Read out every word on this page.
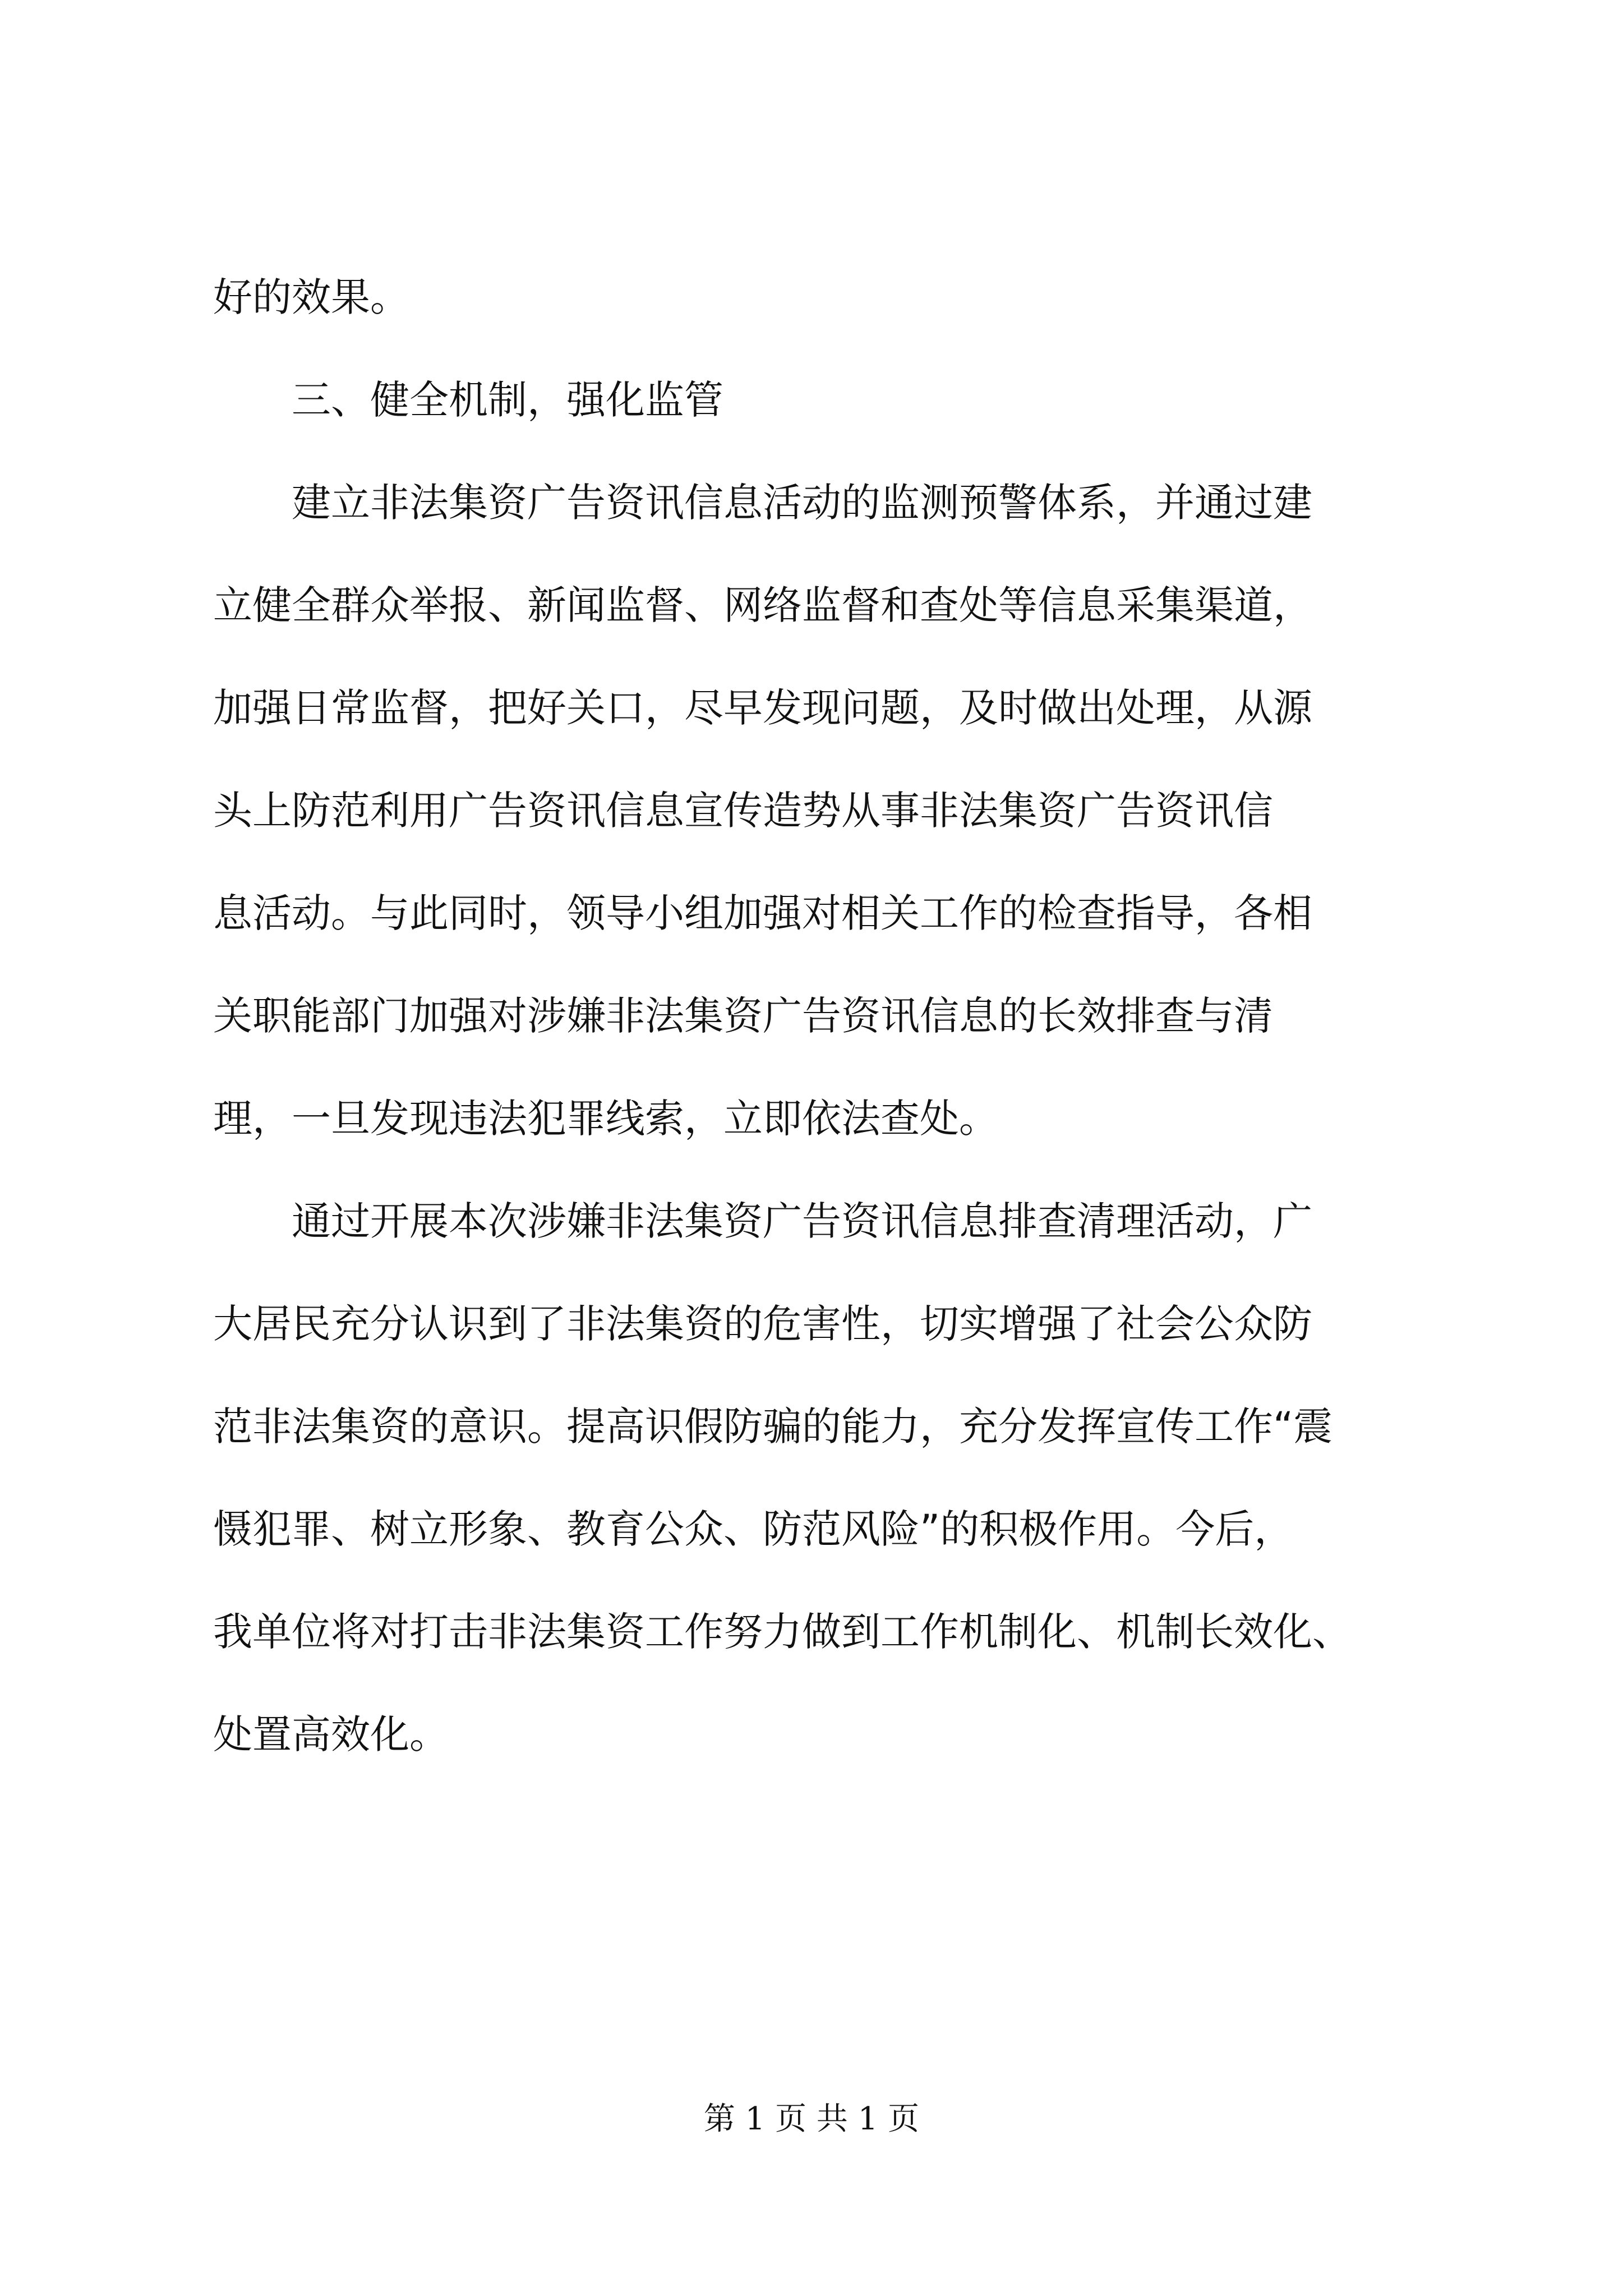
好的效果。
三、健全机制，强化监管
建立非法集资广告资讯信息活动的监测预警体系，并通过建
立健全群众举报、新闻监督、网络监督和查处等信息采集渠道，
加强日常监督，把好关口，尽早发现问题，及时做出处理，从源
头上防范利用广告资讯信息宣传造势从事非法集资广告资讯信
息活动。与此同时，领导小组加强对相关工作的检查指导，各相
关职能部门加强对涉嫌非法集资广告资讯信息的长效排查与清
理，一旦发现违法犯罪线索，立即依法查处。
通过开展本次涉嫌非法集资广告资讯信息排查清理活动，广
大居民充分认识到了非法集资的危害性，切实增强了社会公众防
范非法集资的意识。提高识假防骗的能力，充分发挥宣传工作“震
慑犯罪、树立形象、教育公众、防范风险”的积极作用。今后，
我单位将对打击非法集资工作努力做到工作机制化、机制长效化、
处置高效化。
第 1 页 共 1 页
